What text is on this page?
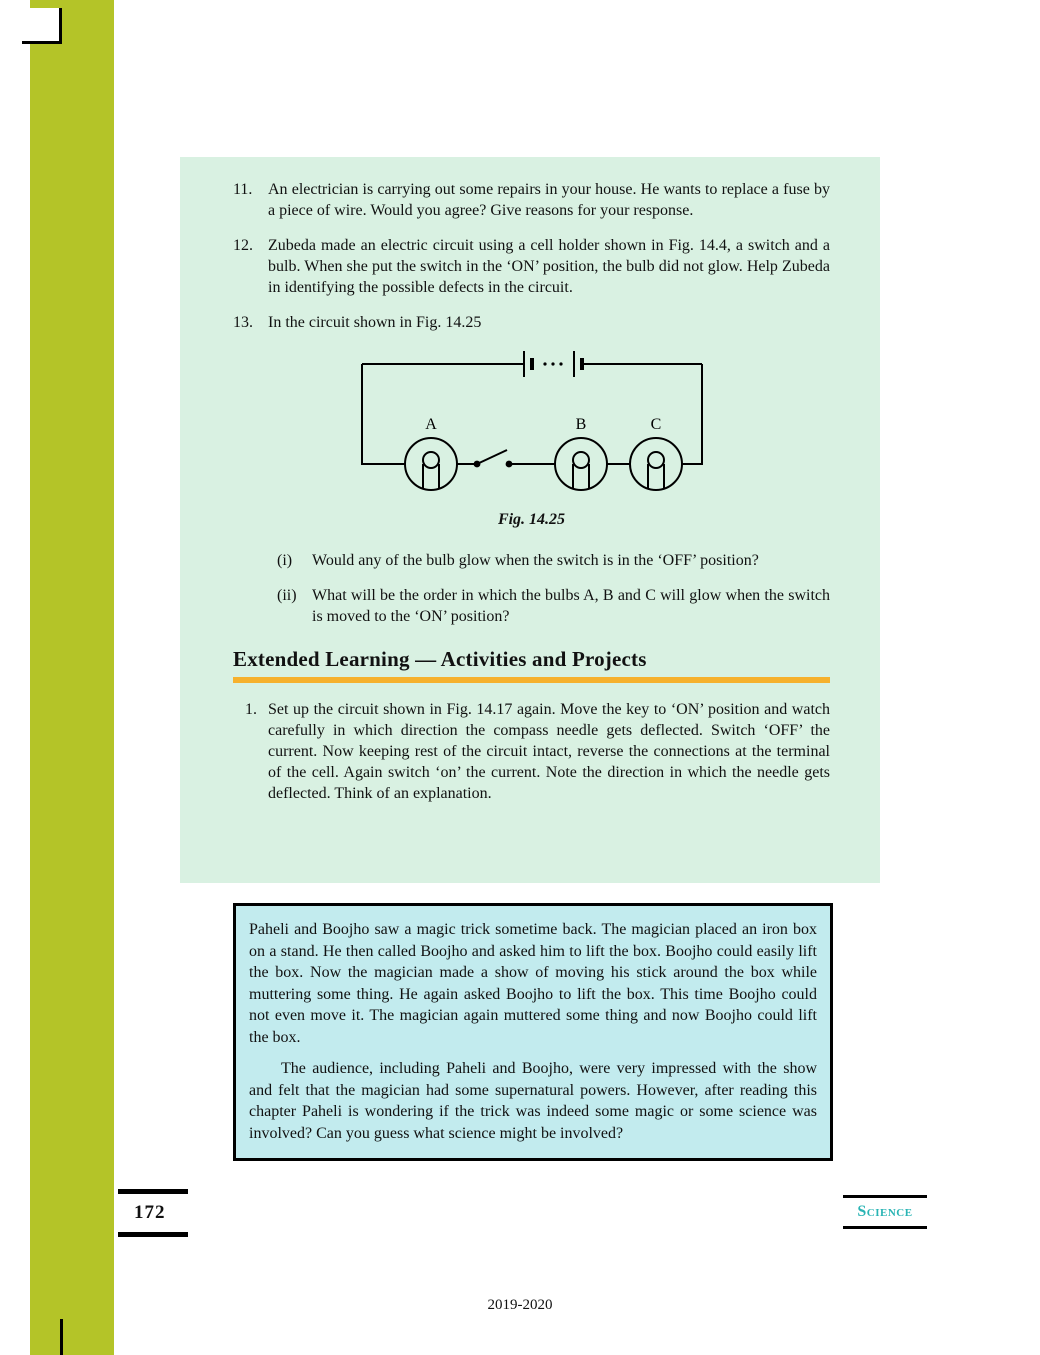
11. An electrician is carrying out some repairs in your house. He wants to replace a fuse by a piece of wire. Would you agree? Give reasons for your response.
12. Zubeda made an electric circuit using a cell holder shown in Fig. 14.4, a switch and a bulb. When she put the switch in the ‘ON’ position, the bulb did not glow. Help Zubeda in identifying the possible defects in the circuit.
13. In the circuit shown in Fig. 14.25
A	B	C
Fig. 14.25
(i)	Would any of the bulb glow when the switch is in the ‘OFF’ position?
(ii) What will be the order in which the bulbs A, B and C will glow when the switch is moved to the ‘ON’ position?
Extended Learning — Activities and Projects
1. Set up the circuit shown in Fig. 14.17 again. Move the key to ‘ON’ position and watch carefully in which direction the compass needle gets deflected. Switch ‘OFF’ the current. Now keeping rest of the circuit intact, reverse the connections at the terminal of the cell. Again switch ‘on’ the current. Note the direction in which the needle gets deflected. Think of an explanation.
Paheli and Boojho saw a magic trick sometime back. The magician placed an iron box on a stand. He then called Boojho and asked him to lift the box. Boojho could easily lift the box. Now the magician made a show of moving his stick around the box while muttering some thing. He again asked Boojho to lift the box. This time Boojho could not even move it. The magician again muttered some thing and now Boojho could lift the box.
The audience, including Paheli and Boojho, were very impressed with the show and felt that the magician had some supernatural powers. However, after reading this chapter Paheli is wondering if the trick was indeed some magic or some science was involved? Can you guess what science might be involved?
172	Science
2019-2020
